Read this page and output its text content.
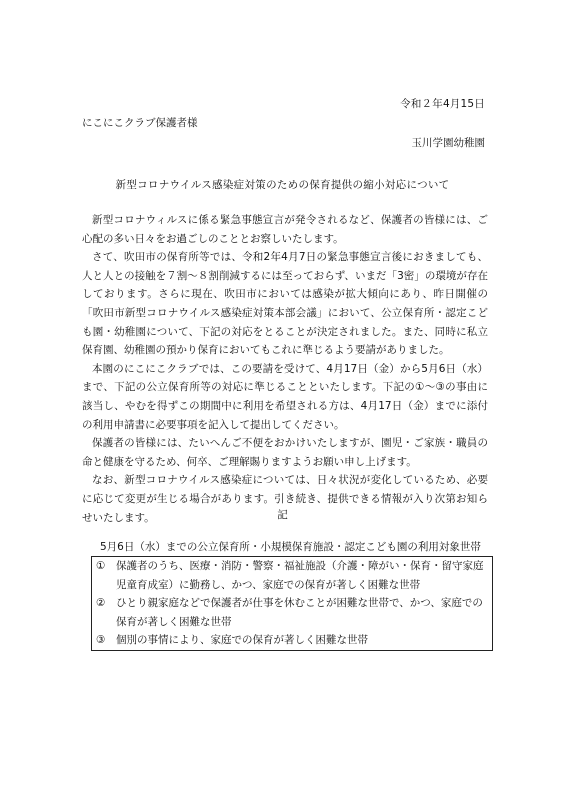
令和２年4月15日
にこにこクラブ保護者様
玉川学園幼稚園
新型コロナウイルス感染症対策のための保育提供の縮小対応について

新型コロナウィルスに係る緊急事態宣言が発令されるなど、保護者の皆様には、ご心配の多い日々をお過ごしのこととお察しいたします。

さて、吹田市の保育所等では、令和2年4月7日の緊急事態宣言後におきましても、人と人との接触を７割～８割削減するには至っておらず、いまだ「3密」の環境が存在しております。さらに現在、吹田市においては感染が拡大傾向にあり、昨日開催の「吹田市新型コロナウイルス感染症対策本部会議」において、公立保育所・認定こども園・幼稚園について、下記の対応をとることが決定されました。また、同時に私立保育園、幼稚園の預かり保育においてもこれに準じるよう要請がありました。

本園のにこにこクラブでは、この要請を受けて、4月17日（金）から5月6日（水）まで、下記の公立保育所等の対応に準じることといたします。下記の①～③の事由に該当し、やむを得ずこの期間中に利用を希望される方は、4月17日（金）までに添付の利用申請書に必要事項を記入して提出してください。

保護者の皆様には、たいへんご不便をおかけいたしますが、園児・ご家族・職員の命と健康を守るため、何卒、ご理解賜りますようお願い申し上げます。

なお、新型コロナウイルス感染症については、日々状況が変化しているため、必要に応じて変更が生じる場合があります。引き続き、提供できる情報が入り次第お知らせいたします。	記
5月6日（水）までの公立保育所・小規模保育施設・認定こども園の利用対象世帯
①	保護者のうち、医療・消防・警察・福祉施設（介護・障がい・保育・留守家庭児童育成室）に勤務し、かつ、家庭での保育が著しく困難な世帯
②	ひとり親家庭などで保護者が仕事を休むことが困難な世帯で、かつ、家庭での保育が著しく困難な世帯
③	個別の事情により、家庭での保育が著しく困難な世帯
